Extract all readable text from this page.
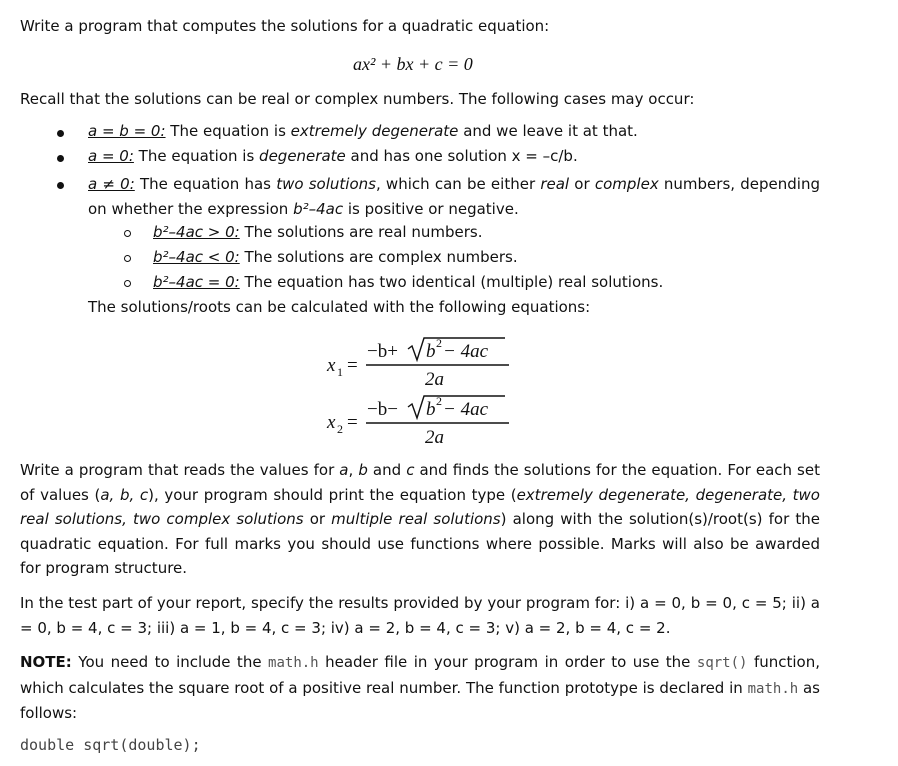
Write a program that computes the solutions for a quadratic equation:
ax² + bx + c = 0
Recall that the solutions can be real or complex numbers. The following cases may occur:
a = b = 0: The equation is extremely degenerate and we leave it at that.
a = 0: The equation is degenerate and has one solution x = –c/b.
a ≠ 0: The equation has two solutions, which can be either real or complex numbers, depending on whether the expression b²–4ac is positive or negative.
b²–4ac > 0: The solutions are real numbers.
b²–4ac < 0: The solutions are complex numbers.
b²–4ac = 0: The equation has two identical (multiple) real solutions.
The solutions/roots can be calculated with the following equations:
x 1 =
−b+ b 2 − 4ac
2a
x 2 =
−b− b 2 − 4ac
2a
Write a program that reads the values for a, b and c and finds the solutions for the equation. For each set of values (a, b, c), your program should print the equation type (extremely degenerate, degenerate, two real solutions, two complex solutions or multiple real solutions) along with the solution(s)/root(s) for the quadratic equation. For full marks you should use functions where possible. Marks will also be awarded for program structure.
In the test part of your report, specify the results provided by your program for: i) a = 0, b = 0, c = 5; ii) a = 0, b = 4, c = 3; iii) a = 1, b = 4, c = 3; iv) a = 2, b = 4, c = 3; v) a = 2, b = 4, c = 2.
NOTE: You need to include the math.h header file in your program in order to use the sqrt() function, which calculates the square root of a positive real number. The function prototype is declared in math.h as follows:
double sqrt(double);
